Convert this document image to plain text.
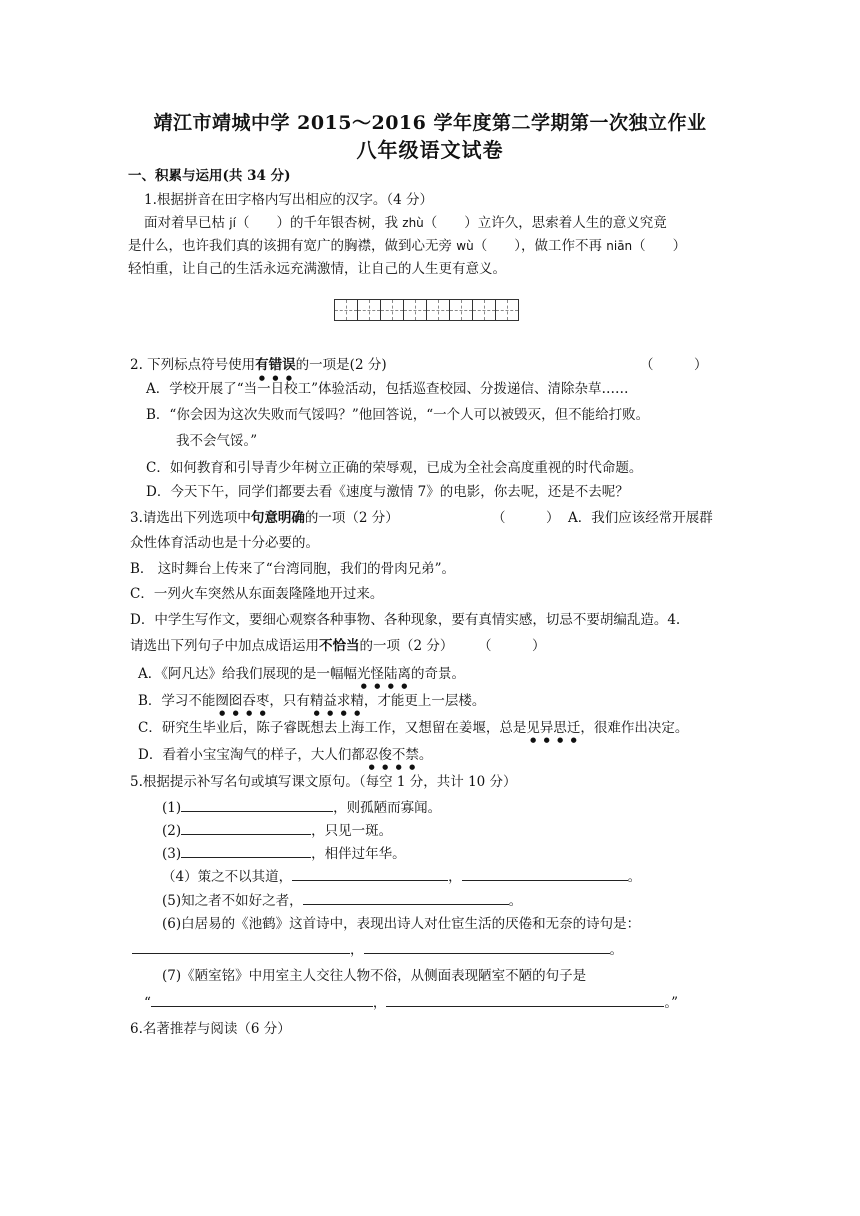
靖江市靖城中学 2015～2016 学年度第二学期第一次独立作业
八年级语文试卷
一、积累与运用(共 34 分)
1.根据拼音在田字格内写出相应的汉字。（4 分）
面对着早已枯 jí（　　）的千年银杏树，我 zhù（　　）立许久，思索着人生的意义究竟
是什么，也许我们真的该拥有宽广的胸襟，做到心无旁 wù（　　），做工作不再 niān（　　）
轻怕重，让自己的生活永远充满激情，让自己的人生更有意义。

2. 下列标点符号使用有错误的一项是(2 分)	（　　　）
A．学校开展了“当一日校工”体验活动，包括巡查校园、分拨递信、清除杂草……
B．“你会因为这次失败而气馁吗？”他回答说，“一个人可以被毁灭，但不能给打败。
我不会气馁。”
C．如何教育和引导青少年树立正确的荣辱观，已成为全社会高度重视的时代命题。
D．今天下午，同学们都要去看《速度与激情 7》的电影，你去呢，还是不去呢？
3.请选出下列选项中句意明确的一项（2 分）	（　　　） A．我们应该经常开展群
众性体育活动也是十分必要的。
B． 这时舞台上传来了“台湾同胞，我们的骨肉兄弟”。
C．一列火车突然从东面轰隆隆地开过来。
D．中学生写作文，要细心观察各种事物、各种现象，要有真情实感，切忌不要胡编乱造。4.
请选出下列句子中加点成语运用不恰当的一项（2 分） （　　　）
A．《阿凡达》给我们展现的是一幅幅光怪陆离的奇景。
B．学习不能囫囵吞枣，只有精益求精，才能更上一层楼。
C．研究生毕业后，陈子睿既想去上海工作，又想留在姜堰，总是见异思迁，很难作出决定。
D．看着小宝宝淘气的样子，大人们都忍俊不禁。
5.根据提示补写名句或填写课文原句。（每空 1 分，共计 10 分）
(1)	，则孤陋而寡闻。
(2)	，只见一斑。
(3)	，相伴过年华。
（4）策之不以其道，	，	。
(5)知之者不如好之者，	。
(6)白居易的《池鹤》这首诗中，表现出诗人对仕宦生活的厌倦和无奈的诗句是：
，	。
(7)《陋室铭》中用室主人交往人物不俗，从侧面表现陋室不陋的句子是
“	，	。”
6.名著推荐与阅读（6 分）
